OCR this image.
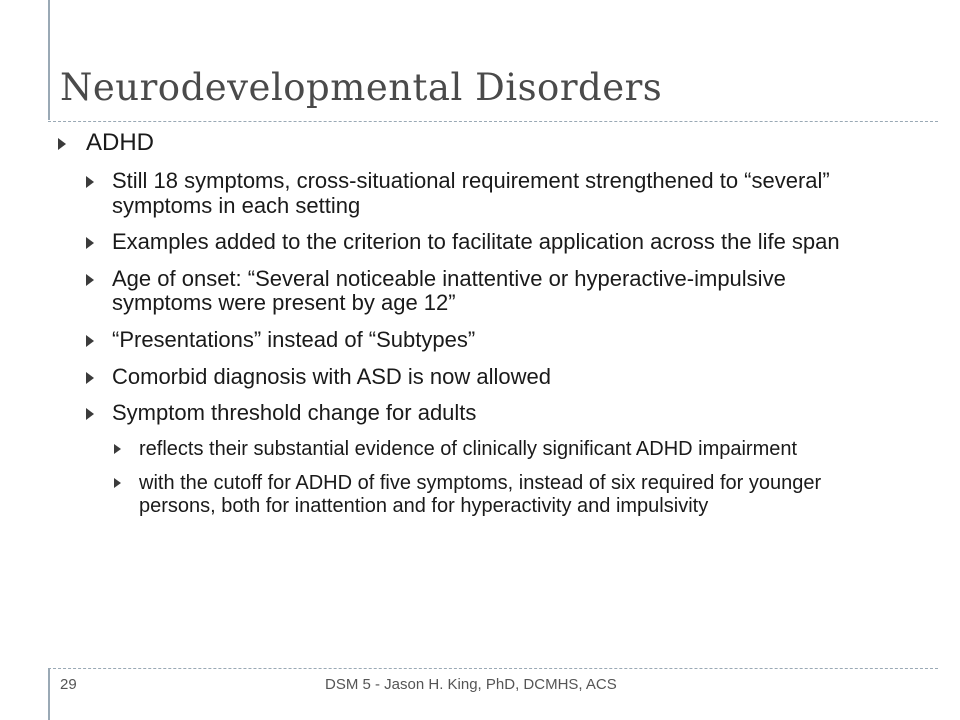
Neurodevelopmental Disorders
ADHD
Still 18 symptoms, cross-situational requirement strengthened to “several” symptoms in each setting
Examples added to the criterion to facilitate application across the life span
Age of onset: “Several noticeable inattentive or hyperactive-impulsive symptoms were present by age 12”
“Presentations” instead of “Subtypes”
Comorbid diagnosis with ASD is now allowed
Symptom threshold change for adults
reflects their substantial evidence of clinically significant ADHD impairment
with the cutoff for ADHD of five symptoms, instead of six required for younger persons, both for inattention and for hyperactivity and impulsivity
29	DSM 5 - Jason H. King, PhD, DCMHS, ACS
